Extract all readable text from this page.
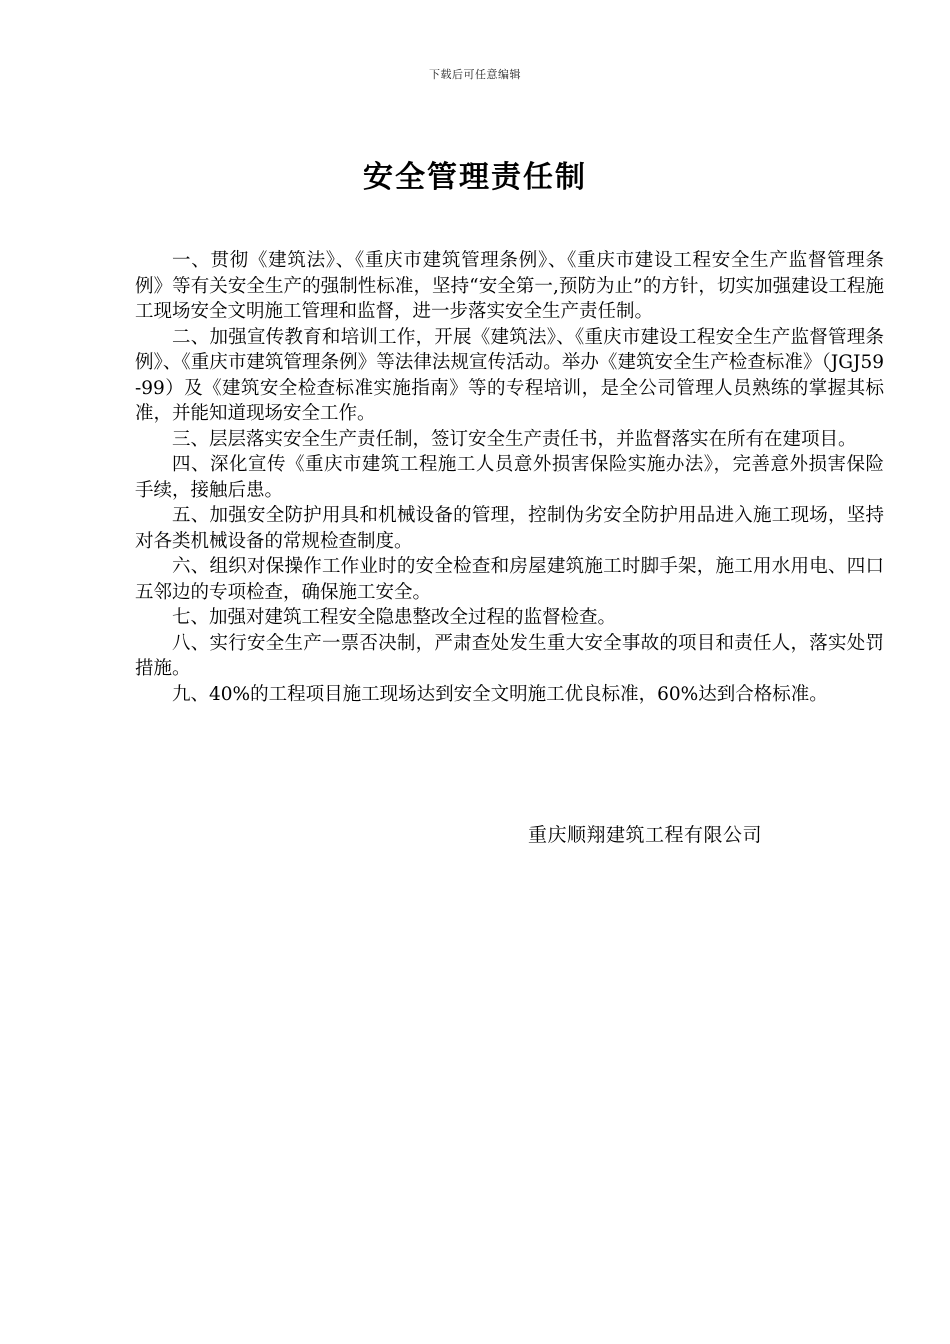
下载后可任意编辑
安全管理责任制

一、贯彻《建筑法》、《重庆市建筑管理条例》、《重庆市建设工程安全生产监督管理条例》等有关安全生产的强制性标准，坚持“安全第一,预防为止”的方针，切实加强建设工程施工现场安全文明施工管理和监督，进一步落实安全生产责任制。

二、加强宣传教育和培训工作，开展《建筑法》、《重庆市建设工程安全生产监督管理条例》、《重庆市建筑管理条例》等法律法规宣传活动。举办《建筑安全生产检查标准》（JGJ59-99）及《建筑安全检查标准实施指南》等的专程培训，是全公司管理人员熟练的掌握其标准，并能知道现场安全工作。

三、层层落实安全生产责任制，签订安全生产责任书，并监督落实在所有在建项目。

四、深化宣传《重庆市建筑工程施工人员意外损害保险实施办法》，完善意外损害保险手续，接触后患。

五、加强安全防护用具和机械设备的管理，控制伪劣安全防护用品进入施工现场，坚持对各类机械设备的常规检查制度。

六、组织对保操作工作业时的安全检查和房屋建筑施工时脚手架，施工用水用电、四口五邻边的专项检查，确保施工安全。

七、加强对建筑工程安全隐患整改全过程的监督检查。

八、实行安全生产一票否决制，严肃查处发生重大安全事故的项目和责任人，落实处罚措施。

九、40%的工程项目施工现场达到安全文明施工优良标准，60%达到合格标准。

重庆顺翔建筑工程有限公司
